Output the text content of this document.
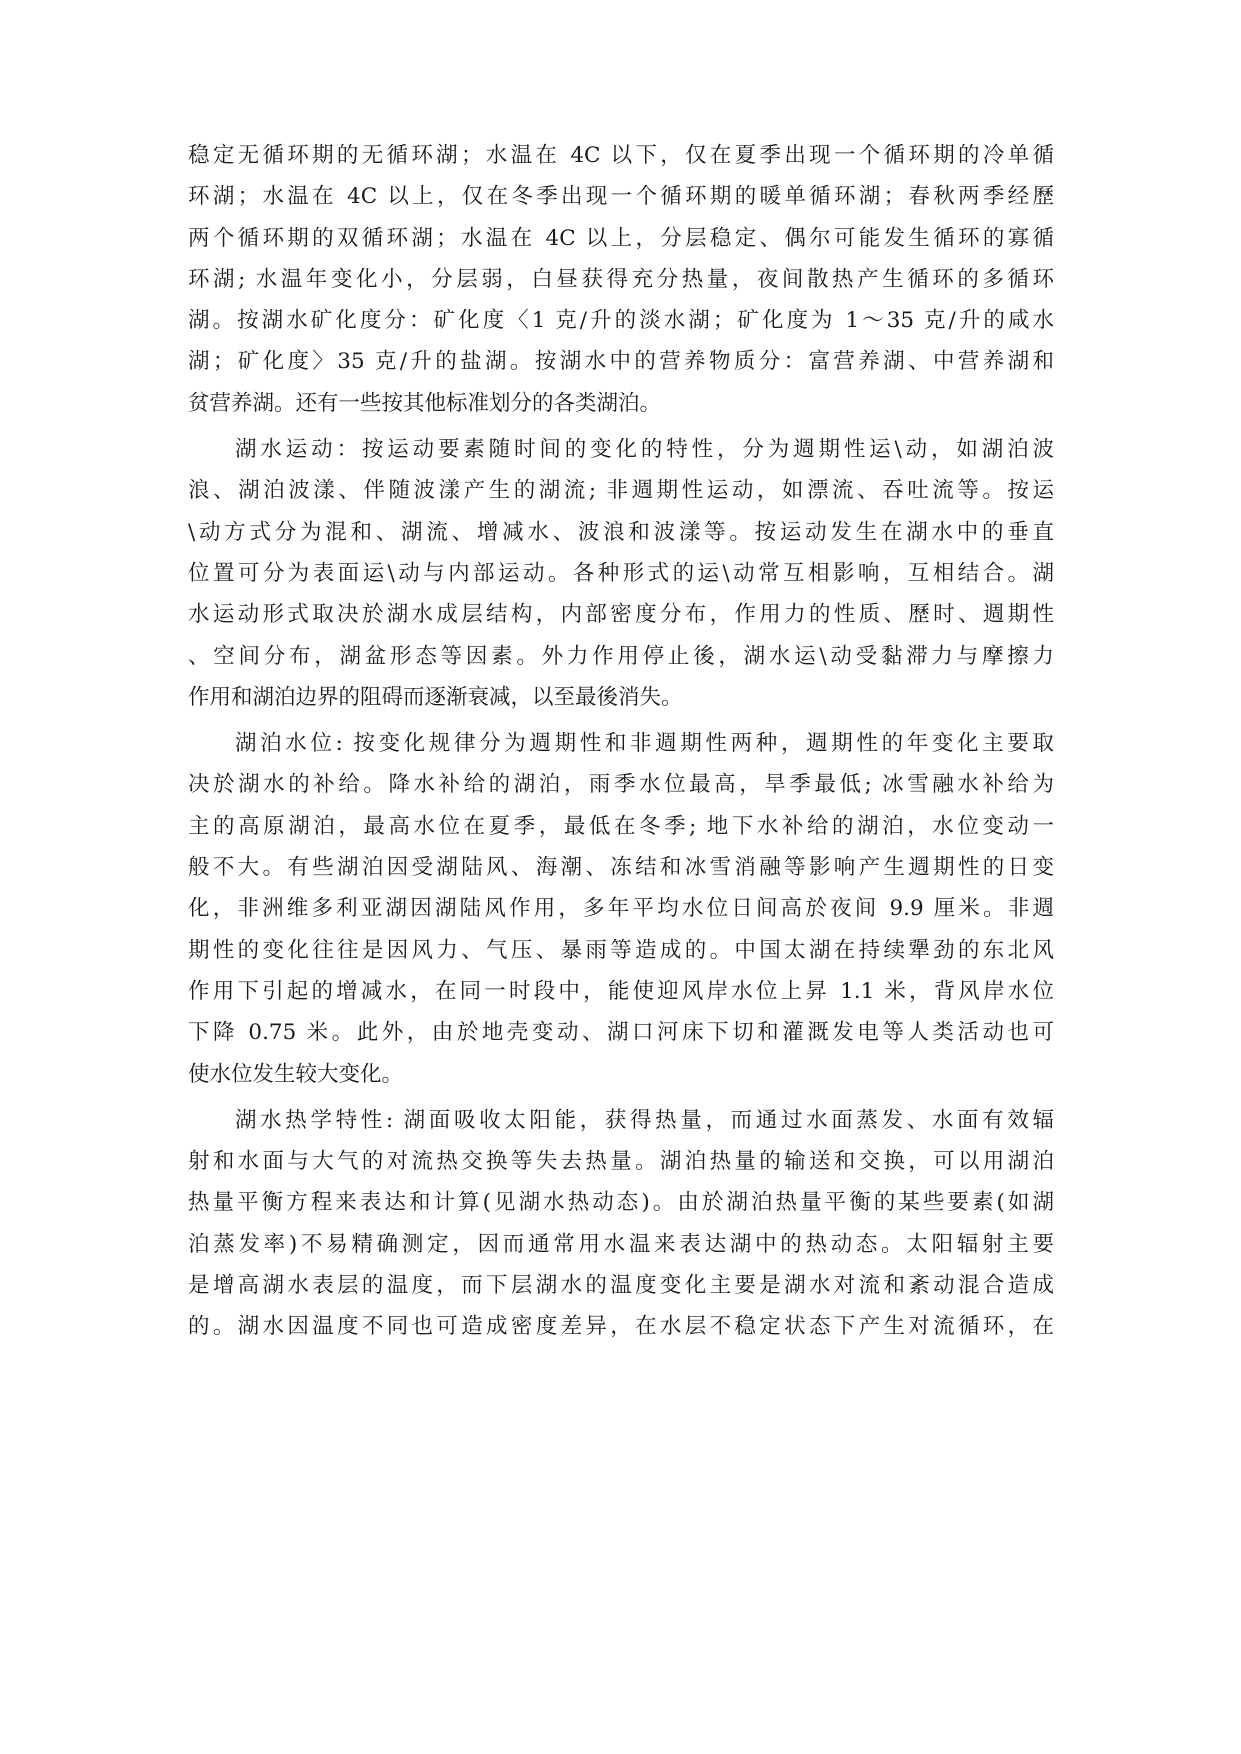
稳定无循环期的无循环湖；水温在 4C 以下，仅在夏季出现一个循环期的冷单循
环湖；水温在 4C 以上，仅在冬季出现一个循环期的暖单循环湖；春秋两季经歷
两个循环期的双循环湖；水温在 4C 以上，分层稳定、偶尔可能发生循环的寡循
环湖; 水温年变化小，分层弱，白昼获得充分热量，夜间散热产生循环的多循环
湖。按湖水矿化度分：矿化度〈1 克/升的淡水湖；矿化度为 1～35 克/升的咸水
湖；矿化度〉35 克/升的盐湖。按湖水中的营养物质分：富营养湖、中营养湖和
贫营养湖。还有一些按其他标准划分的各类湖泊。
湖水运动：按运动要素随时间的变化的特性，分为週期性运\动，如湖泊波
浪、湖泊波漾、伴随波漾产生的湖流; 非週期性运动，如漂流、吞吐流等。按运
\动方式分为混和、湖流、增减水、波浪和波漾等。按运动发生在湖水中的垂直
位置可分为表面运\动与内部运动。各种形式的运\动常互相影响，互相结合。湖
水运动形式取决於湖水成层结构，内部密度分布，作用力的性质、歷时、週期性
、空间分布，湖盆形态等因素。外力作用停止後，湖水运\动受黏滞力与摩擦力
作用和湖泊边界的阻碍而逐渐衰减，以至最後消失。
湖泊水位: 按变化规律分为週期性和非週期性两种，週期性的年变化主要取
决於湖水的补给。降水补给的湖泊，雨季水位最高，旱季最低; 冰雪融水补给为
主的高原湖泊，最高水位在夏季，最低在冬季; 地下水补给的湖泊，水位变动一
般不大。有些湖泊因受湖陆风、海潮、冻结和冰雪消融等影响产生週期性的日变
化，非洲维多利亚湖因湖陆风作用，多年平均水位日间高於夜间 9.9 厘米。非週
期性的变化往往是因风力、气压、暴雨等造成的。中国太湖在持续犟劲的东北风
作用下引起的增减水，在同一时段中，能使迎风岸水位上昇 1.1 米，背风岸水位
下降 0.75 米。此外，由於地壳变动、湖口河床下切和灌溉发电等人类活动也可
使水位发生较大变化。
湖水热学特性: 湖面吸收太阳能，获得热量，而通过水面蒸发、水面有效辐
射和水面与大气的对流热交换等失去热量。湖泊热量的输送和交换，可以用湖泊
热量平衡方程来表达和计算(见湖水热动态)。由於湖泊热量平衡的某些要素(如湖
泊蒸发率)不易精确测定，因而通常用水温来表达湖中的热动态。太阳辐射主要
是增高湖水表层的温度，而下层湖水的温度变化主要是湖水对流和紊动混合造成
的。湖水因温度不同也可造成密度差异，在水层不稳定状态下产生对流循环，在
